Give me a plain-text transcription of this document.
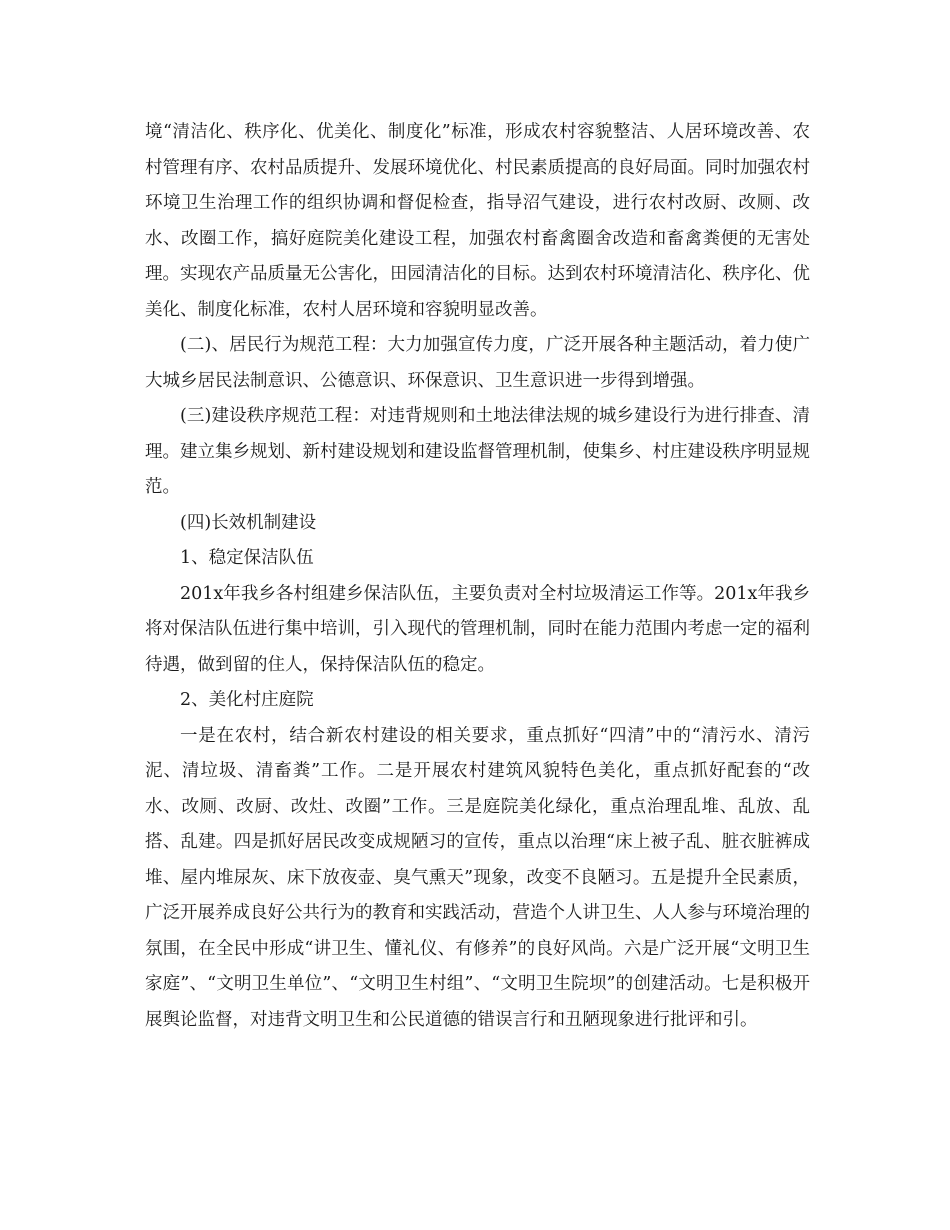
境“清洁化、秩序化、优美化、制度化”标准，形成农村容貌整洁、人居环境改善、农村管理有序、农村品质提升、发展环境优化、村民素质提高的良好局面。同时加强农村环境卫生治理工作的组织协调和督促检查，指导沼气建设，进行农村改厨、改厕、改水、改圈工作，搞好庭院美化建设工程，加强农村畜禽圈舍改造和畜禽粪便的无害处理。实现农产品质量无公害化，田园清洁化的目标。达到农村环境清洁化、秩序化、优美化、制度化标准，农村人居环境和容貌明显改善。

(二)、居民行为规范工程：大力加强宣传力度，广泛开展各种主题活动，着力使广大城乡居民法制意识、公德意识、环保意识、卫生意识进一步得到增强。

(三)建设秩序规范工程：对违背规则和土地法律法规的城乡建设行为进行排查、清理。建立集乡规划、新村建设规划和建设监督管理机制，使集乡、村庄建设秩序明显规范。

(四)长效机制建设

1、稳定保洁队伍

201x年我乡各村组建乡保洁队伍，主要负责对全村垃圾清运工作等。201x年我乡将对保洁队伍进行集中培训，引入现代的管理机制，同时在能力范围内考虑一定的福利待遇，做到留的住人，保持保洁队伍的稳定。

2、美化村庄庭院

一是在农村，结合新农村建设的相关要求，重点抓好“四清”中的“清污水、清污泥、清垃圾、清畜粪”工作。二是开展农村建筑风貌特色美化，重点抓好配套的“改水、改厕、改厨、改灶、改圈”工作。三是庭院美化绿化，重点治理乱堆、乱放、乱搭、乱建。四是抓好居民改变成规陋习的宣传，重点以治理“床上被子乱、脏衣脏裤成堆、屋内堆尿灰、床下放夜壶、臭气熏天”现象，改变不良陋习。五是提升全民素质，广泛开展养成良好公共行为的教育和实践活动，营造个人讲卫生、人人参与环境治理的氛围，在全民中形成“讲卫生、懂礼仪、有修养”的良好风尚。六是广泛开展“文明卫生家庭”、“文明卫生单位”、“文明卫生村组”、“文明卫生院坝”的创建活动。七是积极开展舆论监督，对违背文明卫生和公民道德的错误言行和丑陋现象进行批评和引。
